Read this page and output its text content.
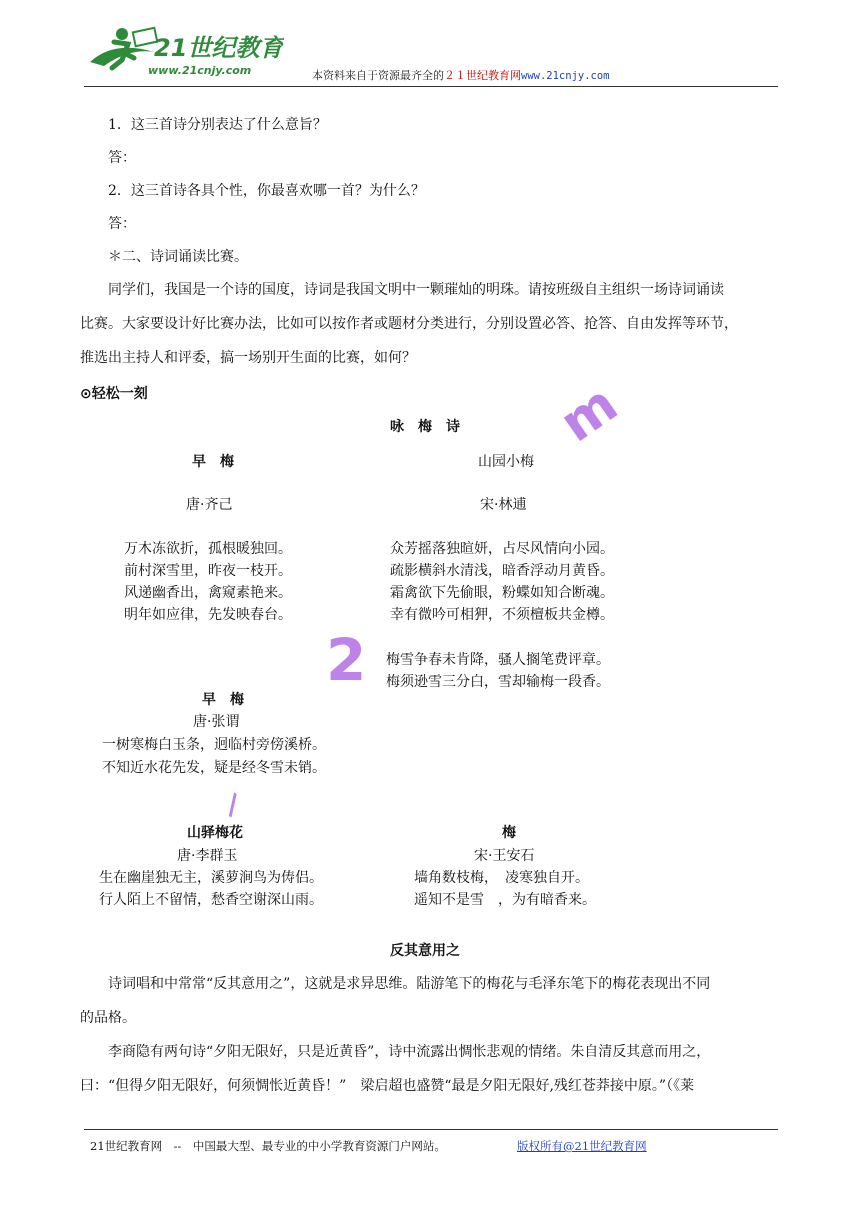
21世纪教育
www.21cnjy.com	本资料来自于资源最齐全的２１世纪教育网www.21cnjy.com
m
2
\
1．这三首诗分别表达了什么意旨？
答：
2．这三首诗各具个性，你最喜欢哪一首？为什么？
答：
＊二、诗词诵读比赛。
同学们，我国是一个诗的国度，诗词是我国文明中一颗璀灿的明珠。请按班级自主组织一场诗词诵读
比赛。大家要设计好比赛办法，比如可以按作者或题材分类进行，分别设置必答、抢答、自由发挥等环节，
推选出主持人和评委，搞一场别开生面的比赛，如何？
⊙轻松一刻
咏　梅　诗
早　梅
唐·齐己
万木冻欲折，孤根暖独回。
前村深雪里，昨夜一枝开。
风递幽香出，禽窥素艳来。
明年如应律，先发映春台。
山园小梅
宋·林逋
众芳摇落独暄妍，占尽风情向小园。
疏影横斜水清浅，暗香浮动月黄昏。
霜禽欲下先偷眼，粉蝶如知合断魂。
幸有微吟可相狎，不须檀板共金樽。
梅雪争春未肯降，骚人搁笔费评章。
梅须逊雪三分白，雪却输梅一段香。
早　梅
唐·张谓
一树寒梅白玉条，迥临村旁傍溪桥。
不知近水花先发，疑是经冬雪未销。
山驿梅花
唐·李群玉
生在幽崖独无主，溪萝涧鸟为俦侣。
行人陌上不留情，愁香空谢深山雨。
梅
宋·王安石
墙角数枝梅，　凌寒独自开。
遥知不是雪　，为有暗香来。
反其意用之
诗词唱和中常常“反其意用之”，这就是求异思维。陆游笔下的梅花与毛泽东笔下的梅花表现出不同
的品格。
李商隐有两句诗“夕阳无限好，只是近黄昏”，诗中流露出惆怅悲观的情绪。朱自清反其意而用之，
曰：“但得夕阳无限好，何须惆怅近黄昏！”　梁启超也盛赞“最是夕阳无限好,残红苍莽接中原。”（《莱
21世纪教育网　--　中国最大型、最专业的中小学教育资源门户网站。	版权所有@21世纪教育网
